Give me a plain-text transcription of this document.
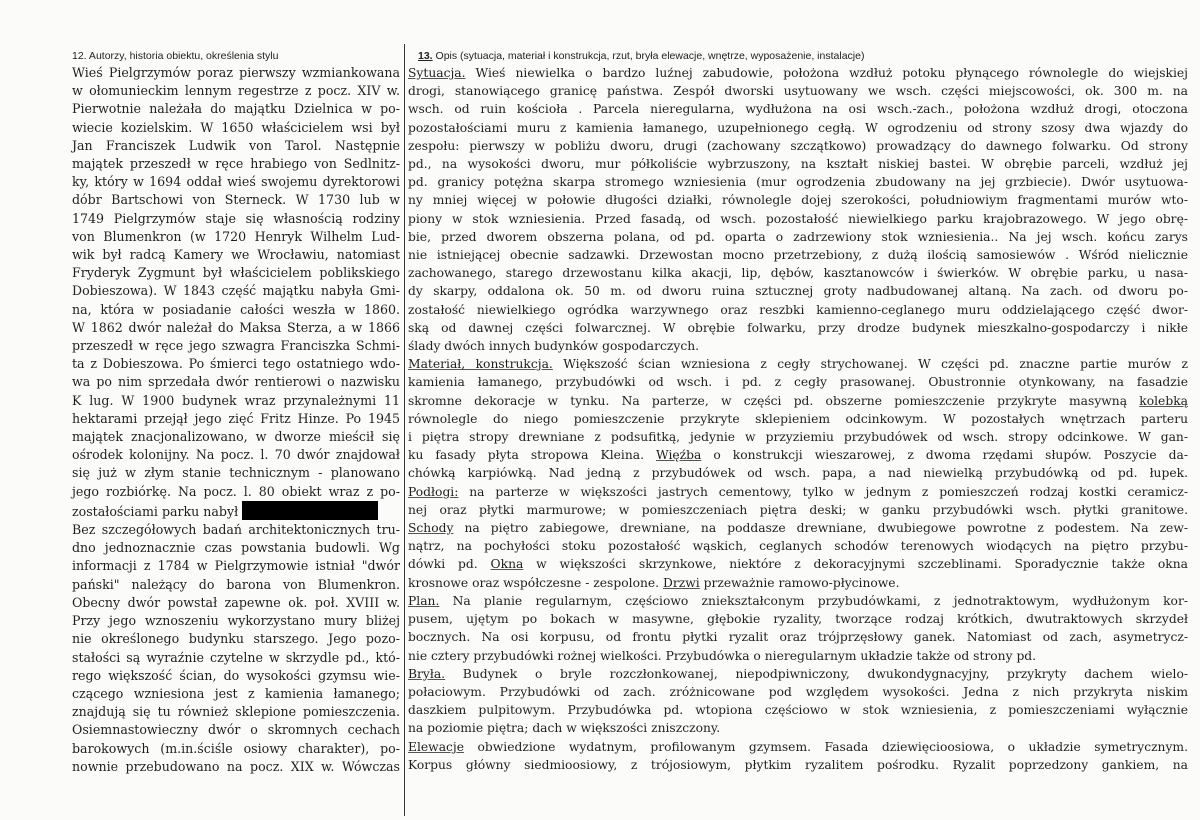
12. Autorzy, historia obiektu, określenia stylu	13. Opis (sytuacja, materiał i konstrukcja, rzut, bryła elewacje, wnętrze, wyposażenie, instalacje)
Wieś Pielgrzymów poraz pierwszy wzmiankowana
w ołomunieckim lennym regestrze z pocz. XIV w.
Pierwotnie należała do majątku Dzielnica w po-
wiecie kozielskim. W 1650 właścicielem wsi był
Jan Franciszek Ludwik von Tarol. Następnie
majątek przeszedł w ręce hrabiego von Sedlnitz-
ky, który w 1694 oddał wieś swojemu dyrektorowi
dóbr Bartschowi von Sterneck. W 1730 lub w
1749 Pielgrzymów staje się własnością rodziny
von Blumenkron (w 1720 Henryk Wilhelm Lud-
wik był radcą Kamery we Wrocławiu, natomiast
Fryderyk Zygmunt był właścicielem poblikskiego
Dobieszowa). W 1843 część majątku nabyła Gmi-
na, która w posiadanie całości weszła w 1860.
W 1862 dwór należał do Maksa Sterza, a w 1866
przeszedł w ręce jego szwagra Franciszka Schmi-
ta z Dobieszowa. Po śmierci tego ostatniego wdo-
wa po nim sprzedała dwór rentierowi o nazwisku
K lug. W 1900 budynek wraz przynależnymi 11
hektarami przejął jego zięć Fritz Hinze. Po 1945
majątek znacjonalizowano, w dworze mieścił się
ośrodek kolonijny. Na pocz. l. 70 dwór znajdował
się już w złym stanie technicznym - planowano
jego rozbiórkę. Na pocz. l. 80 obiekt wraz z po-
zostałościami parku nabył
Bez szczegółowych badań architektonicznych tru-
dno jednoznacznie czas powstania budowli. Wg
informacji z 1784 w Pielgrzymowie istniał "dwór
pański" należący do barona von Blumenkron.
Obecny dwór powstał zapewne ok. poł. XVIII w.
Przy jego wznoszeniu wykorzystano mury bliżej
nie określonego budynku starszego. Jego pozo-
stałości są wyraźnie czytelne w skrzydle pd., któ-
rego większość ścian, do wysokości gzymsu wie-
czącego wzniesiona jest z kamienia łamanego;
znajdują się tu również sklepione pomieszczenia.
Osiemnastowieczny dwór o skromnych cechach
barokowych (m.in.ściśle osiowy charakter), po-
nownie przebudowano na pocz. XIX w. Wówczas
Sytuacja. Wieś niewielka o bardzo luźnej zabudowie, położona wzdłuż potoku płynącego równolegle do wiejskiej
drogi, stanowiącego granicę państwa. Zespół dworski usytuowany we wsch. części miejscowości, ok. 300 m. na
wsch. od ruin kościoła . Parcela nieregularna, wydłużona na osi wsch.-zach., położona wzdłuż drogi, otoczona
pozostałościami muru z kamienia łamanego, uzupełnionego cegłą. W ogrodzeniu od strony szosy dwa wjazdy do
zespołu: pierwszy w pobliżu dworu, drugi (zachowany szczątkowo) prowadzący do dawnego folwarku. Od strony
pd., na wysokości dworu, mur półkoliście wybrzuszony, na kształt niskiej bastei. W obrębie parceli, wzdłuż jej
pd. granicy potężna skarpa stromego wzniesienia (mur ogrodzenia zbudowany na jej grzbiecie). Dwór usytuowa-
ny mniej więcej w połowie długości działki, równolegle dojej szerokości, południowiym fragmentami murów wto-
piony w stok wzniesienia. Przed fasadą, od wsch. pozostałość niewielkiego parku krajobrazowego. W jego obrę-
bie, przed dworem obszerna polana, od pd. oparta o zadrzewiony stok wzniesienia.. Na jej wsch. końcu zarys
nie istniejącej obecnie sadzawki. Drzewostan mocno przetrzebiony, z dużą ilością samosiewów . Wśród nielicznie
zachowanego, starego drzewostanu kilka akacji, lip, dębów, kasztanowców i świerków. W obrębie parku, u nasa-
dy skarpy, oddalona ok. 50 m. od dworu ruina sztucznej groty nadbudowanej altaną. Na zach. od dworu po-
zostałość niewielkiego ogródka warzywnego oraz reszbki kamienno-ceglanego muru oddzielającego część dwor-
ską od dawnej części folwarcznej. W obrębie folwarku, przy drodze budynek mieszkalno-gospodarczy i nikłe
ślady dwóch innych budynków gospodarczych.
Materiał, konstrukcja. Większość ścian wzniesiona z cegły strychowanej. W części pd. znaczne partie murów z
kamienia łamanego, przybudówki od wsch. i pd. z cegły prasowanej. Obustronnie otynkowany, na fasadzie
skromne dekoracje w tynku. Na parterze, w części pd. obszerne pomieszczenie przykryte masywną kolebką
równolegle do niego pomieszczenie przykryte sklepieniem odcinkowym. W pozostałych wnętrzach parteru
i piętra stropy drewniane z podsufitką, jedynie w przyziemiu przybudówek od wsch. stropy odcinkowe. W gan-
ku fasady płyta stropowa Kleina. Więźba o konstrukcji wieszarowej, z dwoma rzędami słupów. Poszycie da-
chówką karpiówką. Nad jedną z przybudówek od wsch. papa, a nad niewielką przybudówką od pd. łupek.
Podłogi: na parterze w większości jastrych cementowy, tylko w jednym z pomieszczeń rodzaj kostki ceramicz-
nej oraz płytki marmurowe; w pomieszczeniach piętra deski; w ganku przybudówki wsch. płytki granitowe.
Schody na piętro zabiegowe, drewniane, na poddasze drewniane, dwubiegowe powrotne z podestem. Na zew-
nątrz, na pochyłości stoku pozostałość wąskich, ceglanych schodów terenowych wiodących na piętro przybu-
dówki pd. Okna w większości skrzynkowe, niektóre z dekoracyjnymi szczeblinami. Sporadycznie także okna
krosnowe oraz współczesne - zespolone. Drzwi przeważnie ramowo-płycinowe.
Plan. Na planie regularnym, częściowo zniekształconym przybudówkami, z jednotraktowym, wydłużonym kor-
pusem, ujętym po bokach w masywne, głębokie ryzality, tworzące rodzaj krótkich, dwutraktowych skrzydeł
bocznych. Na osi korpusu, od frontu płytki ryzalit oraz trójprzęsłowy ganek. Natomiast od zach, asymetrycz-
nie cztery przybudówki rożnej wielkości. Przybudówka o nieregularnym układzie także od strony pd.
Bryła. Budynek o bryle rozczłonkowanej, niepodpiwniczony, dwukondygnacyjny, przykryty dachem wielo-
połaciowym. Przybudówki od zach. zróżnicowane pod względem wysokości. Jedna z nich przykryta niskim
daszkiem pulpitowym. Przybudówka pd. wtopiona częściowo w stok wzniesienia, z pomieszczeniami wyłącznie
na poziomie piętra; dach w większości zniszczony.
Elewacje obwiedzione wydatnym, profilowanym gzymsem. Fasada dziewięcioosiowa, o układzie symetrycznym.
Korpus główny siedmioosiowy, z trójosiowym, płytkim ryzalitem pośrodku. Ryzalit poprzedzony gankiem, na
